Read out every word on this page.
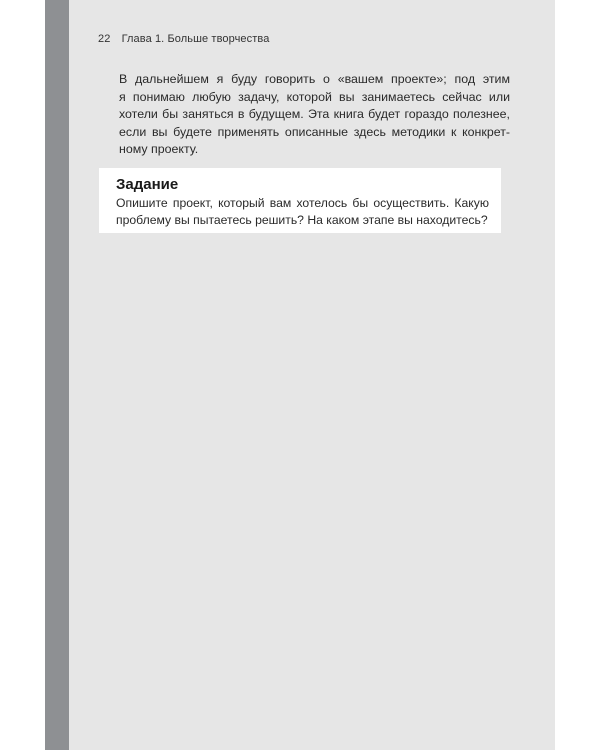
22 Глава 1. Больше творчества

В дальнейшем я буду говорить о «вашем проекте»; под этим
я понимаю любую задачу, которой вы занимаетесь сейчас или
хотели бы заняться в будущем. Эта книга будет гораздо полезнее,
если вы будете применять описанные здесь методики к конкрет-
ному проекту.

Задание
Опишите проект, который вам хотелось бы осуществить. Какую
проблему вы пытаетесь решить? На каком этапе вы находитесь?
